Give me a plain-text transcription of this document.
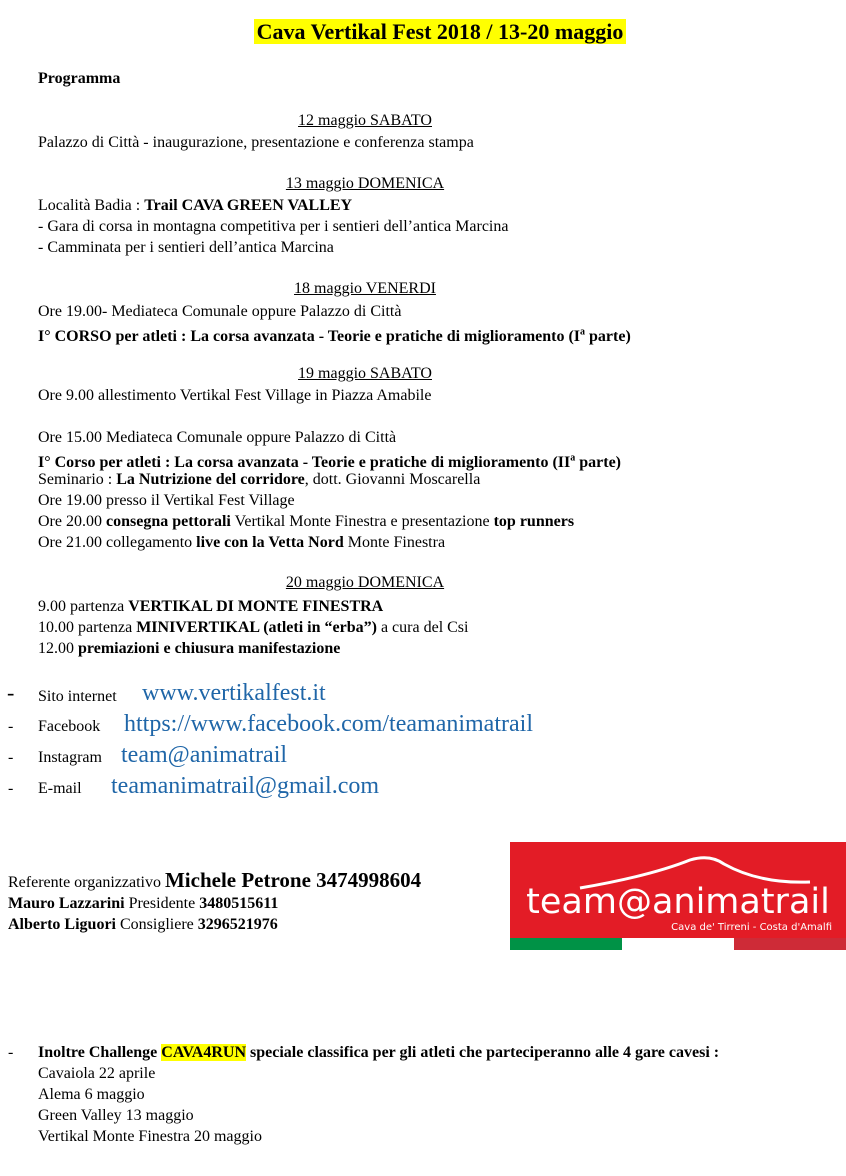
Cava Vertikal Fest 2018 / 13-20 maggio
Programma
12 maggio SABATO
Palazzo di Città - inaugurazione, presentazione e conferenza stampa
13 maggio DOMENICA
Località Badia : Trail CAVA GREEN VALLEY
- Gara di corsa in montagna competitiva per i sentieri dell’antica Marcina
- Camminata per i sentieri dell’antica Marcina
18 maggio VENERDI
Ore 19.00- Mediateca Comunale oppure Palazzo di Città
I° CORSO per atleti : La corsa avanzata - Teorie e pratiche di miglioramento ($I^a$ parte)
19 maggio SABATO
Ore 9.00 allestimento Vertikal Fest Village in Piazza Amabile
Ore 15.00 Mediateca Comunale oppure Palazzo di Città
I° Corso per atleti : La corsa avanzata - Teorie e pratiche di miglioramento ($II^a$ parte)
Seminario : La Nutrizione del corridore, dott. Giovanni Moscarella
Ore 19.00 presso il Vertikal Fest Village
Ore 20.00 consegna pettorali Vertikal Monte Finestra e presentazione top runners
Ore 21.00 collegamento live con la Vetta Nord Monte Finestra
20 maggio DOMENICA
9.00 partenza VERTIKAL DI MONTE FINESTRA
10.00 partenza MINIVERTIKAL (atleti in “erba”) a cura del Csi
12.00 premiazioni e chiusura manifestazione
- Sito internet www.vertikalfest.it
- Facebook https://www.facebook.com/teamanimatrail
- Instagram team@animatrail
- E-mail teamanimatrail@gmail.com
Referente organizzativo Michele Petrone 3474998604
Mauro Lazzarini Presidente 3480515611
Alberto Liguori Consigliere 3296521976
team@animatrail
Cava de' Tirreni - Costa d'Amalfi
- Inoltre Challenge CAVA4RUN speciale classifica per gli atleti che parteciperanno alle 4 gare cavesi :
Cavaiola 22 aprile
Alema 6 maggio
Green Valley 13 maggio
Vertikal Monte Finestra 20 maggio
